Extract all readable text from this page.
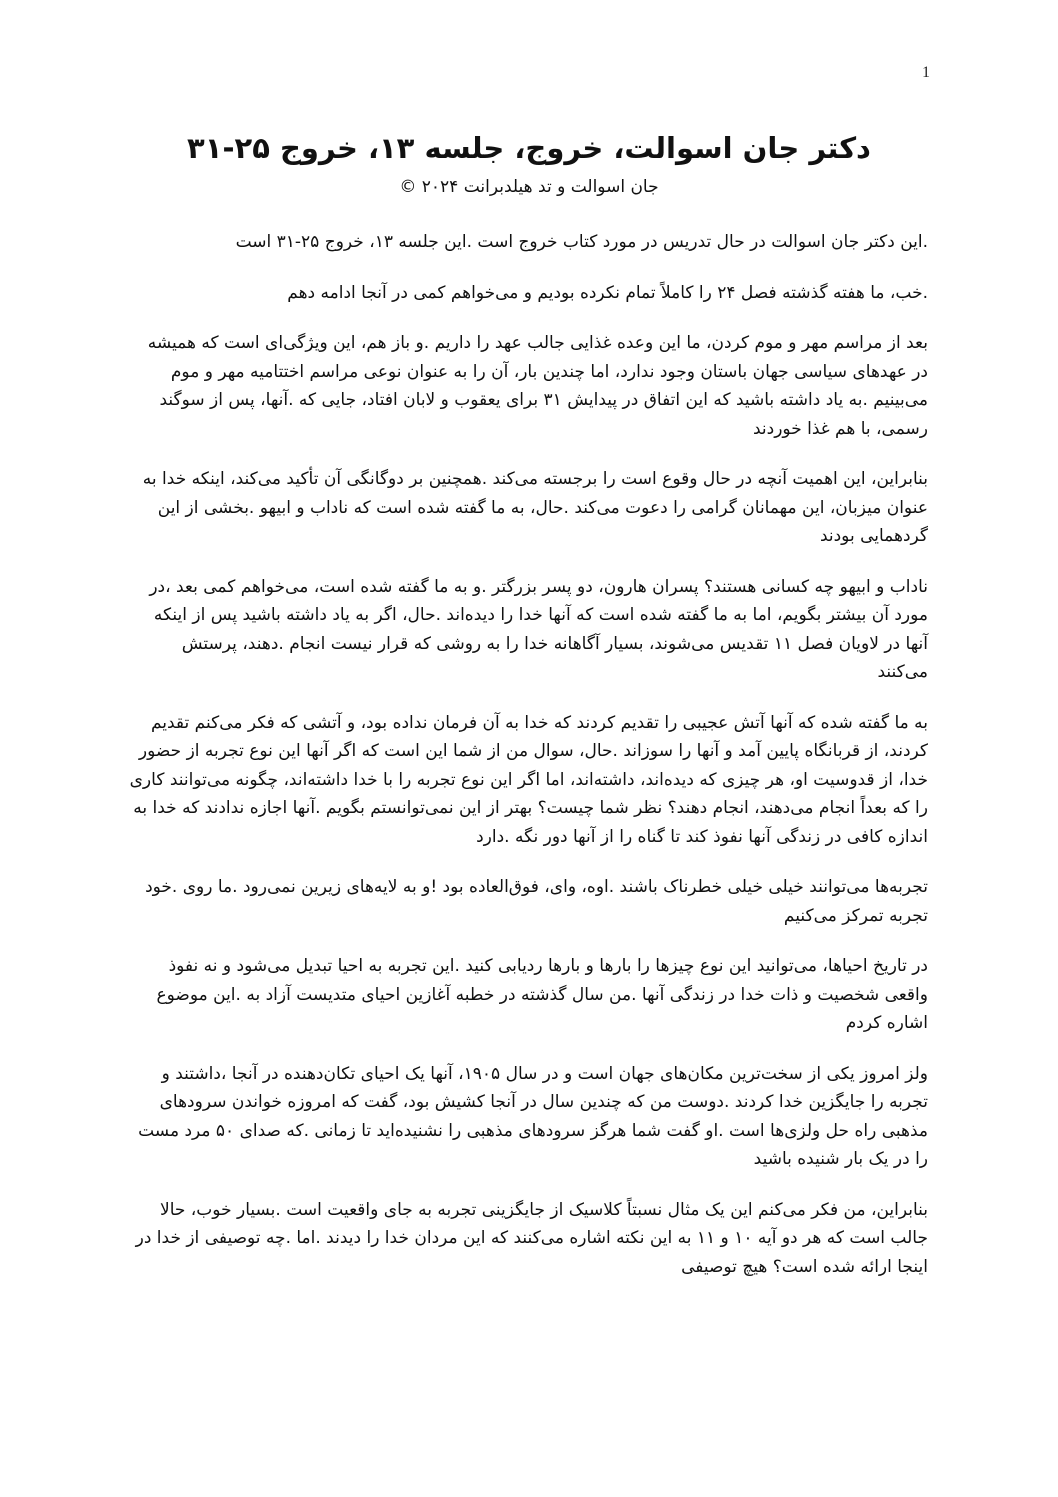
1
دکتر جان اسوالت، خروج، جلسه ۱۳، خروج ۲۵-۳۱
جان اسوالت و تد هیلدبرانت ۲۰۲۴ ©

.این دکتر جان اسوالت در حال تدریس در مورد کتاب خروج است .این جلسه ۱۳، خروج ۲۵-۳۱ است

.خب، ما هفته گذشته فصل ۲۴ را کاملاً تمام نکرده بودیم و می‌خواهم کمی در آنجا ادامه دهم

بعد از مراسم مهر و موم کردن، ما این وعده غذایی جالب عهد را داریم .و باز هم، این ویژگی‌ای است که همیشه در عهدهای سیاسی جهان باستان وجود ندارد، اما چندین بار، آن را به عنوان نوعی مراسم اختتامیه مهر و موم می‌بینیم .به یاد داشته باشید که این اتفاق در پیدایش ۳۱ برای یعقوب و لابان افتاد، جایی که .آنها، پس از سوگند رسمی، با هم غذا خوردند

بنابراین، این اهمیت آنچه در حال وقوع است را برجسته می‌کند .همچنین بر دوگانگی آن تأکید می‌کند، اینکه خدا به عنوان میزبان، این مهمانان گرامی را دعوت می‌کند .حال، به ما گفته شده است که ناداب و ابیهو .بخشی از این گردهمایی بودند

ناداب و ابیهو چه کسانی هستند؟ پسران هارون، دو پسر بزرگتر .و به ما گفته شده است، می‌خواهم کمی بعد ،در مورد آن بیشتر بگویم، اما به ما گفته شده است که آنها خدا را دیده‌اند .حال، اگر به یاد داشته باشید پس از اینکه آنها در لاویان فصل ۱۱ تقدیس می‌شوند، بسیار آگاهانه خدا را به روشی که قرار نیست انجام .دهند، پرستش می‌کنند

به ما گفته شده که آنها آتش عجیبی را تقدیم کردند که خدا به آن فرمان نداده بود، و آتشی که فکر می‌کنم تقدیم کردند، از قربانگاه پایین آمد و آنها را سوزاند .حال، سوال من از شما این است که اگر آنها این نوع تجربه از حضور خدا، از قدوسیت او، هر چیزی که دیده‌اند، داشته‌اند، اما اگر این نوع تجربه را با خدا داشته‌اند، چگونه می‌توانند کاری را که بعداً انجام می‌دهند، انجام دهند؟ نظر شما چیست؟ بهتر از این نمی‌توانستم بگویم .آنها اجازه ندادند که خدا به اندازه کافی در زندگی آنها نفوذ کند تا گناه را از آنها دور نگه .دارد

تجربه‌ها می‌توانند خیلی خیلی خطرناک باشند .اوه، وای، فوق‌العاده بود !و به لایه‌های زیرین نمی‌رود .ما روی .خود تجربه تمرکز می‌کنیم

در تاریخ احیاها، می‌توانید این نوع چیزها را بارها و بارها ردیابی کنید .این تجربه به احیا تبدیل می‌شود و نه نفوذ واقعی شخصیت و ذات خدا در زندگی آنها .من سال گذشته در خطبه آغازین احیای متدیست آزاد به .این موضوع اشاره کردم

ولز امروز یکی از سخت‌ترین مکان‌های جهان است و در سال ۱۹۰۵، آنها یک احیای تکان‌دهنده در آنجا ،داشتند و تجربه را جایگزین خدا کردند .دوست من که چندین سال در آنجا کشیش بود، گفت که امروزه خواندن سرودهای مذهبی راه حل ولزی‌ها است .او گفت شما هرگز سرودهای مذهبی را نشنیده‌اید تا زمانی .که صدای ۵۰ مرد مست را در یک بار شنیده باشید

بنابراین، من فکر می‌کنم این یک مثال نسبتاً کلاسیک از جایگزینی تجربه به جای واقعیت است .بسیار خوب، حالا جالب است که هر دو آیه ۱۰ و ۱۱ به این نکته اشاره می‌کنند که این مردان خدا را دیدند .اما .چه توصیفی از خدا در اینجا ارائه شده است؟ هیچ توصیفی
